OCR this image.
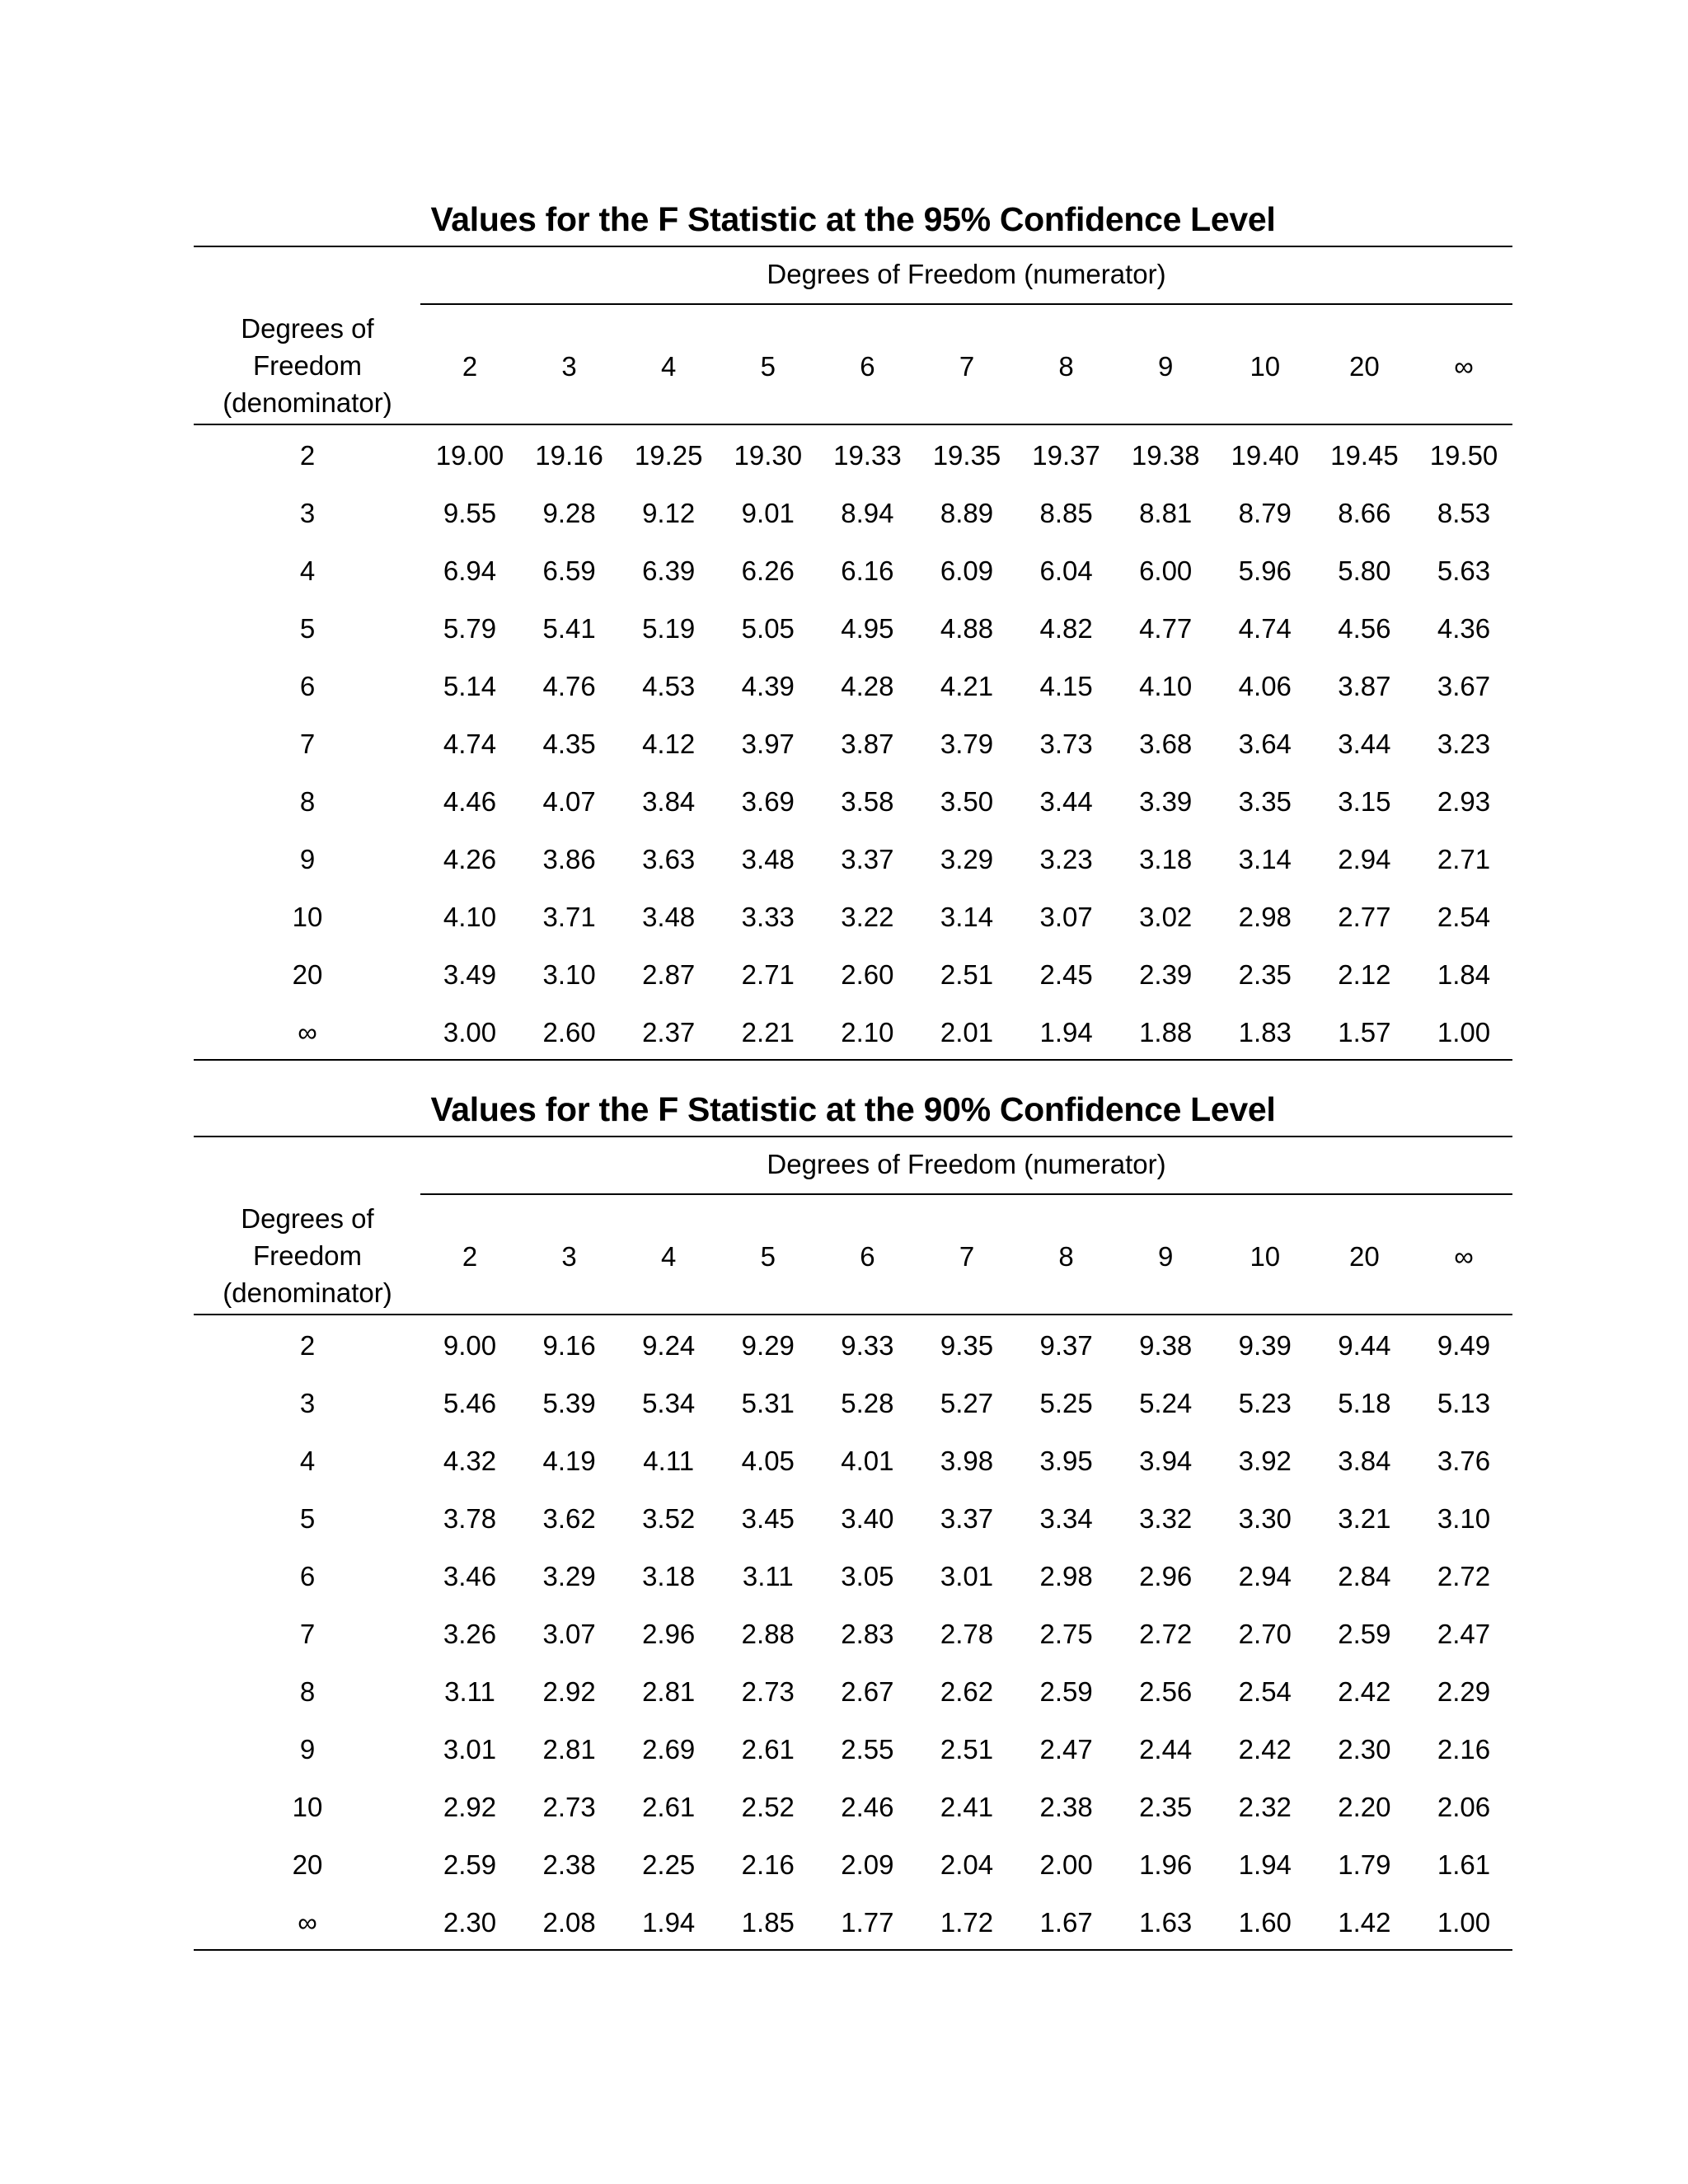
Values for the F Statistic at the 95% Confidence Level
Degrees of Freedom (numerator)
Degrees of
Freedom
(denominator)
2	3	4	5	6	7	8	9	10	20	∞
2	19.00	19.16	19.25	19.30	19.33	19.35	19.37	19.38	19.40	19.45	19.50
3	9.55	9.28	9.12	9.01	8.94	8.89	8.85	8.81	8.79	8.66	8.53
4	6.94	6.59	6.39	6.26	6.16	6.09	6.04	6.00	5.96	5.80	5.63
5	5.79	5.41	5.19	5.05	4.95	4.88	4.82	4.77	4.74	4.56	4.36
6	5.14	4.76	4.53	4.39	4.28	4.21	4.15	4.10	4.06	3.87	3.67
7	4.74	4.35	4.12	3.97	3.87	3.79	3.73	3.68	3.64	3.44	3.23
8	4.46	4.07	3.84	3.69	3.58	3.50	3.44	3.39	3.35	3.15	2.93
9	4.26	3.86	3.63	3.48	3.37	3.29	3.23	3.18	3.14	2.94	2.71
10	4.10	3.71	3.48	3.33	3.22	3.14	3.07	3.02	2.98	2.77	2.54
20	3.49	3.10	2.87	2.71	2.60	2.51	2.45	2.39	2.35	2.12	1.84
∞	3.00	2.60	2.37	2.21	2.10	2.01	1.94	1.88	1.83	1.57	1.00
Values for the F Statistic at the 90% Confidence Level
Degrees of Freedom (numerator)
Degrees of
Freedom
(denominator)
2	3	4	5	6	7	8	9	10	20	∞
2	9.00	9.16	9.24	9.29	9.33	9.35	9.37	9.38	9.39	9.44	9.49
3	5.46	5.39	5.34	5.31	5.28	5.27	5.25	5.24	5.23	5.18	5.13
4	4.32	4.19	4.11	4.05	4.01	3.98	3.95	3.94	3.92	3.84	3.76
5	3.78	3.62	3.52	3.45	3.40	3.37	3.34	3.32	3.30	3.21	3.10
6	3.46	3.29	3.18	3.11	3.05	3.01	2.98	2.96	2.94	2.84	2.72
7	3.26	3.07	2.96	2.88	2.83	2.78	2.75	2.72	2.70	2.59	2.47
8	3.11	2.92	2.81	2.73	2.67	2.62	2.59	2.56	2.54	2.42	2.29
9	3.01	2.81	2.69	2.61	2.55	2.51	2.47	2.44	2.42	2.30	2.16
10	2.92	2.73	2.61	2.52	2.46	2.41	2.38	2.35	2.32	2.20	2.06
20	2.59	2.38	2.25	2.16	2.09	2.04	2.00	1.96	1.94	1.79	1.61
∞	2.30	2.08	1.94	1.85	1.77	1.72	1.67	1.63	1.60	1.42	1.00
